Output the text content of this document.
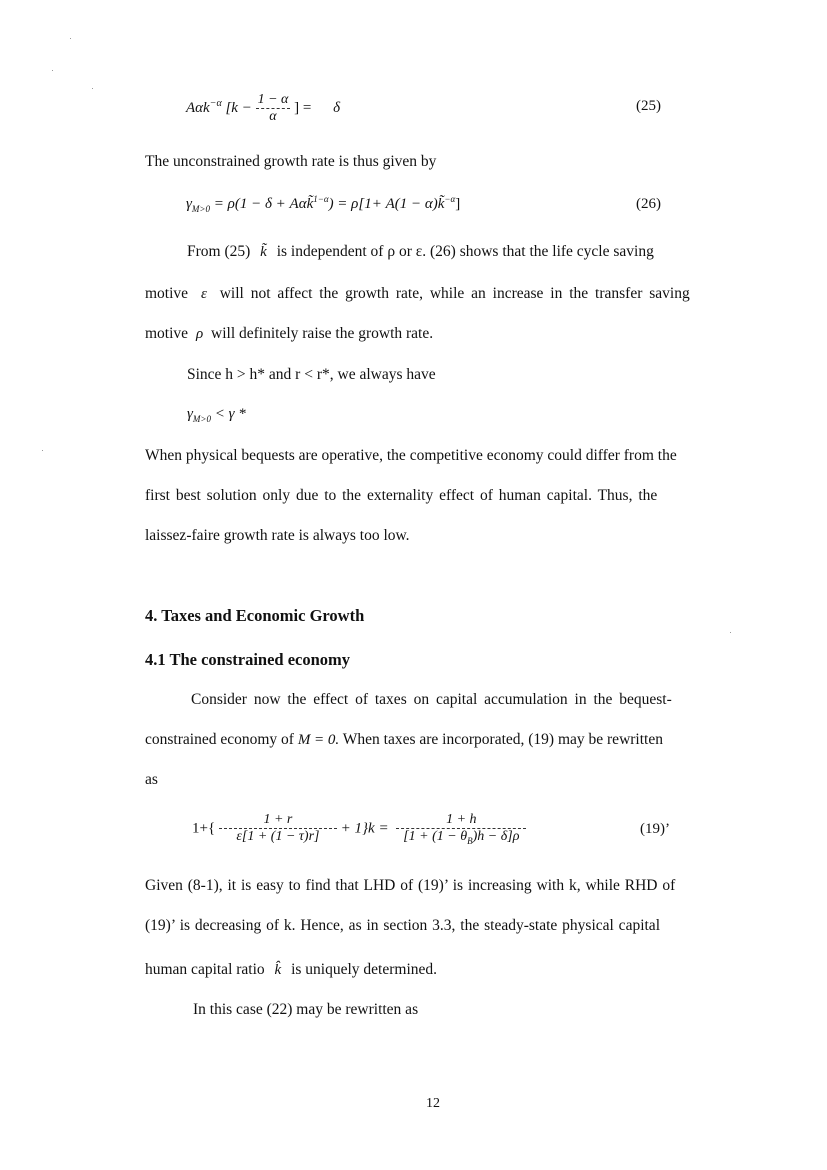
Aαk$^{-\alpha}$ [$k - \frac{1 - \alpha}{\alpha}$ ] = δ	(25)
The unconstrained growth rate is thus given by
$\gamma_{M>0} = \rho(1 - \delta$ + Aαk̃$^{1-\alpha}$) = ρ[1+ A(1 − α)k̃$^{-\alpha}$]	(26)
From (25) k̃ is independent of ρ or ε. (26) shows that the life cycle saving
motive ε will not affect the growth rate, while an increase in the transfer saving
motive ρ will definitely raise the growth rate.
Since h > h* and r < r*, we always have
$\gamma_{M>0} < \gamma$ *
When physical bequests are operative, the competitive economy could differ from the
first best solution only due to the externality effect of human capital. Thus, the
laissez-faire growth rate is always too low.
4. Taxes and Economic Growth
4.1 The constrained economy
Consider now the effect of taxes on capital accumulation in the bequest-
constrained economy of M = 0. When taxes are incorporated, (19) may be rewritten
as
$1+\{ \frac{1 + r}{\varepsilon[1 + (1 - \tau)r]} + 1\}k = \frac{1 + h}{[1 + (1 - \theta_B)h - \delta]\rho}$	(19)’
Given (8-1), it is easy to find that LHD of (19)’ is increasing with k, while RHD of
(19)’ is decreasing of k. Hence, as in section 3.3, the steady-state physical capital
human capital ratio k̂ is uniquely determined.
In this case (22) may be rewritten as
12
